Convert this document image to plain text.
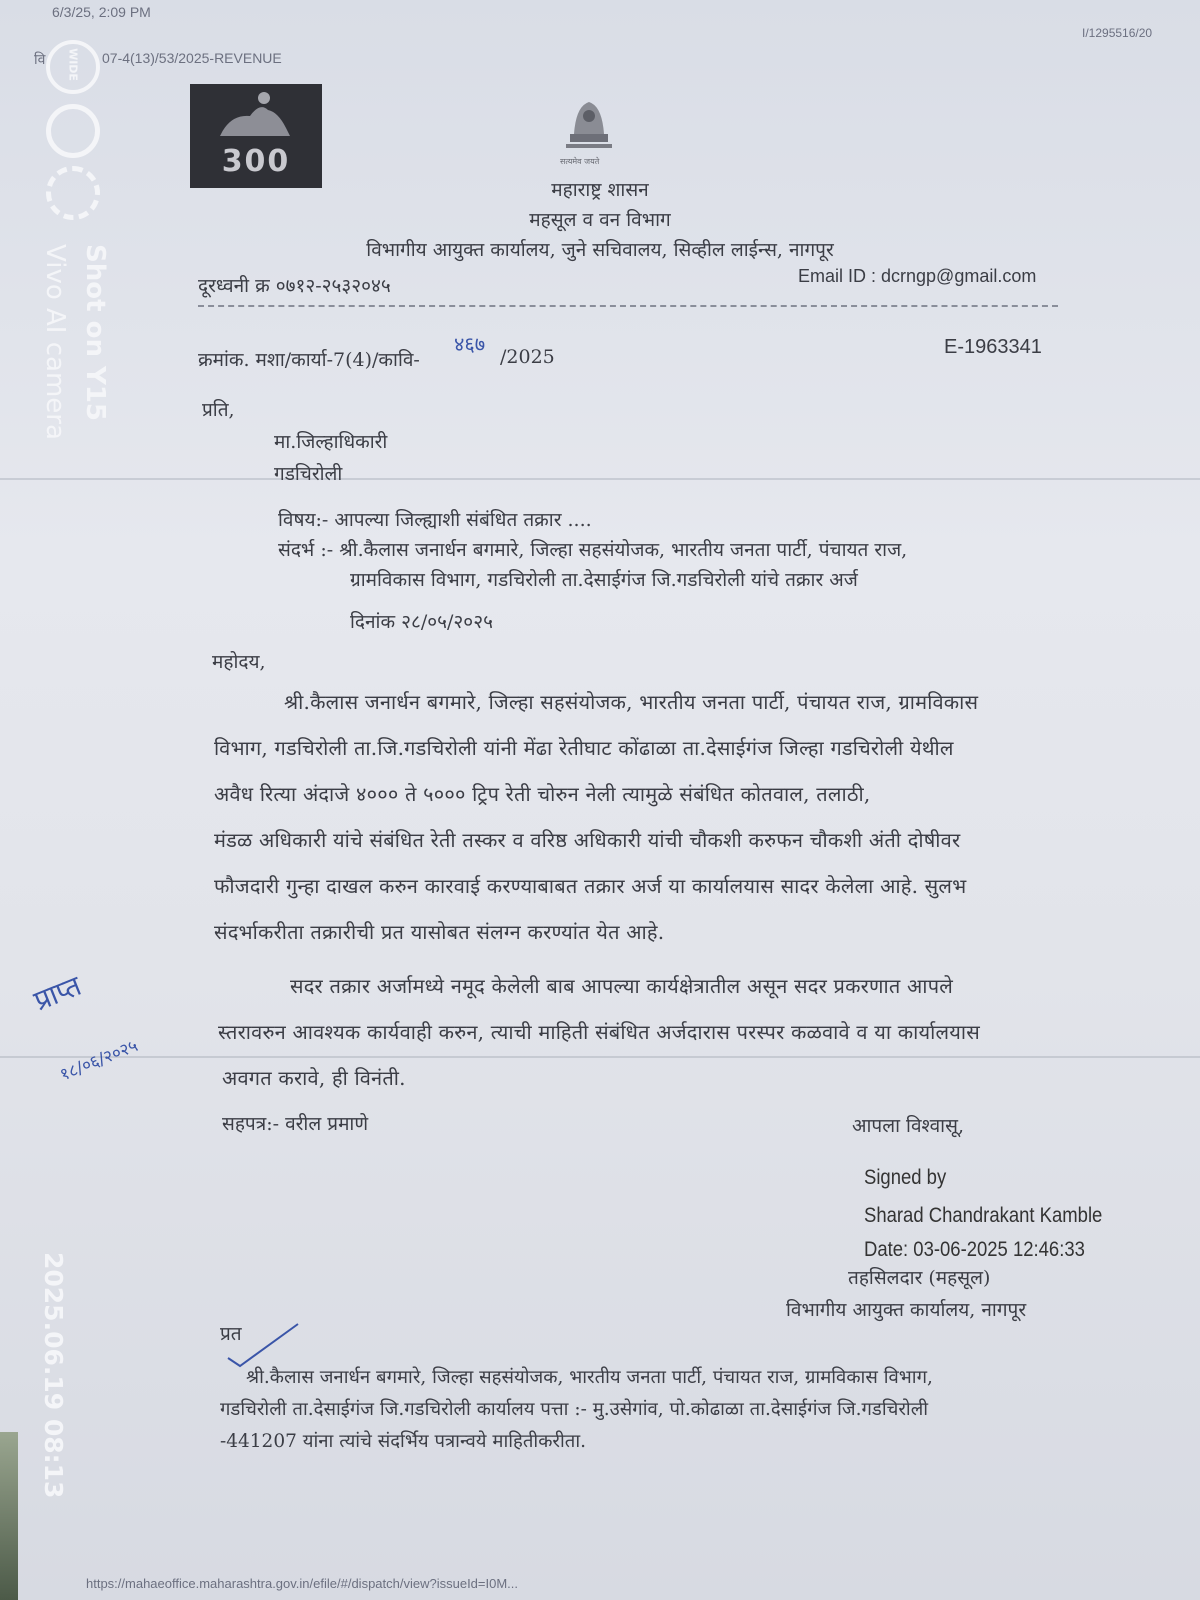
6/3/25, 2:09 PM
वि	07-4(13)/53/2025-REVENUE
I/1295516/20
300	सत्यमेव जयते
महाराष्ट्र शासन
महसूल व वन विभाग
विभागीय आयुक्त कार्यालय, जुने सचिवालय, सिव्हील लाईन्स, नागपूर
दूरध्वनी क्र ०७१२-२५३२०४५	Email ID : dcrngp@gmail.com
क्रमांक. मशा/कार्या-7(4)/कावि-
४६७
/2025	E-1963341
प्रति,
मा.जिल्हाधिकारी
गडचिरोली
विषय:- आपल्या जिल्ह्याशी संबंधित तक्रार ....
संदर्भ :- श्री.कैलास जनार्धन बगमारे, जिल्हा सहसंयोजक, भारतीय जनता पार्टी, पंचायत राज,
ग्रामविकास विभाग, गडचिरोली ता.देसाईगंज जि.गडचिरोली यांचे तक्रार अर्ज
दिनांक २८/०५/२०२५
महोदय,
श्री.कैलास जनार्धन बगमारे, जिल्हा सहसंयोजक, भारतीय जनता पार्टी, पंचायत राज, ग्रामविकास
विभाग, गडचिरोली ता.जि.गडचिरोली यांनी मेंढा रेतीघाट कोंढाळा ता.देसाईगंज जिल्हा गडचिरोली येथील
अवैध रित्या अंदाजे ४००० ते ५००० ट्रिप रेती चोरुन नेली त्यामुळे संबंधित कोतवाल, तलाठी,
मंडळ अधिकारी यांचे संबंधित रेती तस्कर व वरिष्ठ अधिकारी यांची चौकशी करुफन चौकशी अंती दोषीवर
फौजदारी गुन्हा दाखल करुन कारवाई करण्याबाबत तक्रार अर्ज या कार्यालयास सादर केलेला आहे. सुलभ
संदर्भाकरीता तक्रारीची प्रत यासोबत संलग्न करण्यांत येत आहे.
सदर तक्रार अर्जामध्ये नमूद केलेली बाब आपल्या कार्यक्षेत्रातील असून सदर प्रकरणात आपले
स्तरावरुन आवश्यक कार्यवाही करुन, त्याची माहिती संबंधित अर्जदारास परस्पर कळवावे व या कार्यालयास
अवगत करावे, ही विनंती.
प्राप्त
१८/०६/२०२५
सहपत्र:- वरील प्रमाणे	आपला विश्वासू,
Signed by
Sharad Chandrakant Kamble
Date: 03-06-2025 12:46:33
तहसिलदार (महसूल)
विभागीय आयुक्त कार्यालय, नागपूर
प्रत
श्री.कैलास जनार्धन बगमारे, जिल्हा सहसंयोजक, भारतीय जनता पार्टी, पंचायत राज, ग्रामविकास विभाग,
गडचिरोली ता.देसाईगंज जि.गडचिरोली कार्यालय पत्ता :- मु.उसेगांव, पो.कोढाळा ता.देसाईगंज जि.गडचिरोली
-441207 यांना त्यांचे संदर्भिय पत्रान्वये माहितीकरीता.
https://mahaeoffice.maharashtra.gov.in/efile/#/dispatch/view?issueId=I0M...
WIDE
Shot on Y15
Vivo AI camera
2025.06.19 08:13
